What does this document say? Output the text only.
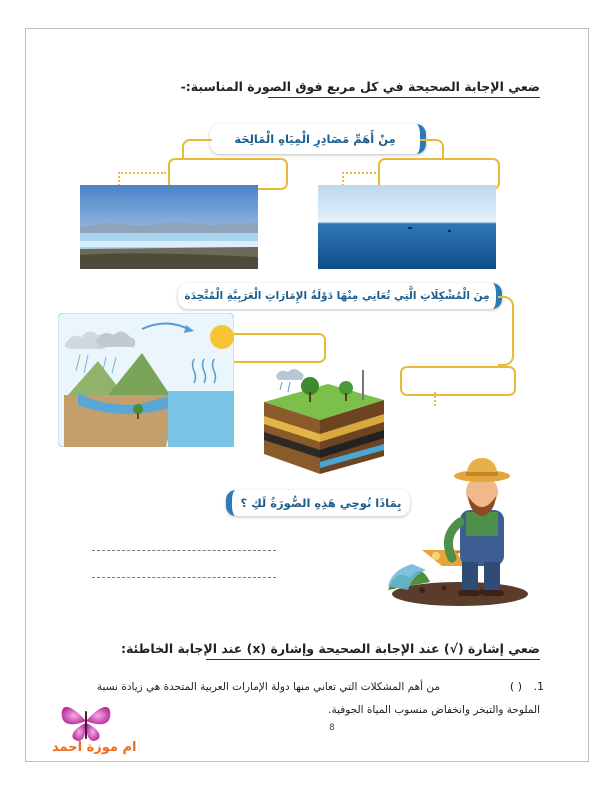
ضعي الإجابة الصحيحة في كل مربع فوق الصورة المناسبة:-
مِنْ أَهَمِّ مَصَادِرِ الْمِيَاهِ الْمَالِحَة
مِنَ الْمُشْكِلَاتِ الَّتِي تُعَانِي مِنْهَا دَوْلَةُ الإِمَارَاتِ الْعَرَبِيَّةِ الْمُتَّحِدَة
بِمَاذَا تُوحِي هَذِهِ الصُّورَةُ لَكِ ؟
ضعي إشارة (√) عند الإجابة الصحيحة وإشارة (x) عند الإجابة الخاطئة:
1.
( )
من أهم المشكلات التي تعاني منها دولة الإمارات العربية المتحدة هي زيادة نسبة
الملوحة والتبخر وانخفاض منسوب المياة الجوفية.
ام موزة احمد
8
